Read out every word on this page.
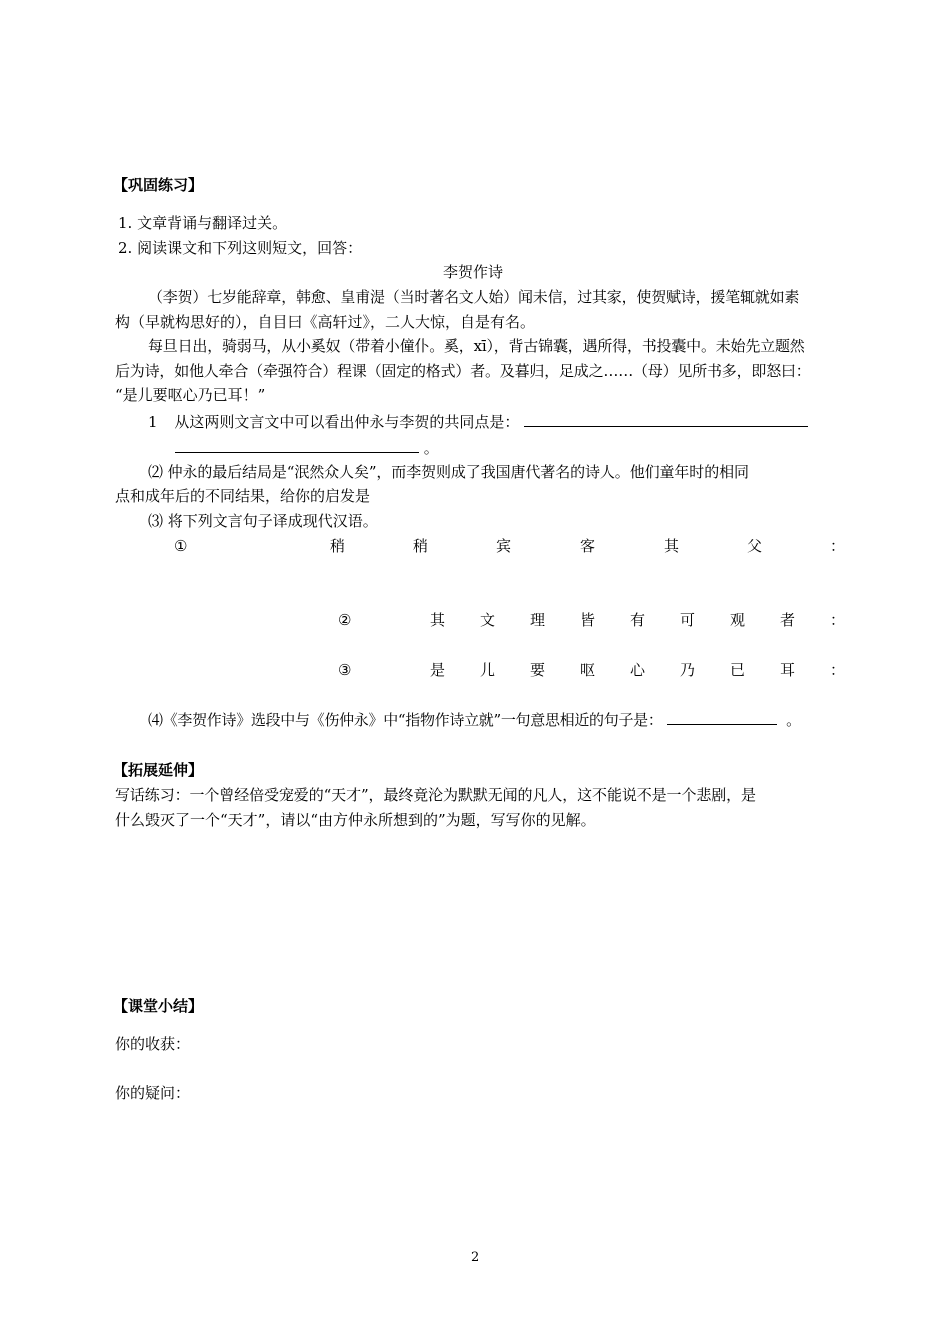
【巩固练习】
1. 文章背诵与翻译过关。
2. 阅读课文和下列这则短文，回答：
李贺作诗
（李贺）七岁能辞章，韩愈、皇甫湜（当时著名文人始）闻未信，过其家，使贺赋诗，援笔辄就如素
构（早就构思好的），自目曰《高轩过》，二人大惊，自是有名。
每旦日出，骑弱马，从小奚奴（带着小僮仆。奚，xī），背古锦囊，遇所得，书投囊中。未始先立题然
后为诗，如他人牵合（牵强符合）程课（固定的格式）者。及暮归，足成之……（母）见所书多，即怒曰：
“是儿要呕心乃已耳！”
1 从这两则文言文中可以看出仲永与李贺的共同点是：
。
⑵ 仲永的最后结局是“泯然众人矣”，而李贺则成了我国唐代著名的诗人。他们童年时的相同
点和成年后的不同结果，给你的启发是
⑶ 将下列文言句子译成现代汉语。
①	稍	稍	宾	客	其	父	：
②	其 文 理 皆 有 可 观 者 ：
③	是 儿 要 呕 心 乃 已 耳 ：
⑷《李贺作诗》选段中与《伤仲永》中“指物作诗立就”一句意思相近的句子是：	。
【拓展延伸】
写话练习：一个曾经倍受宠爱的“天才”，最终竟沦为默默无闻的凡人，这不能说不是一个悲剧，是
什么毁灭了一个“天才”，请以“由方仲永所想到的”为题，写写你的见解。
【课堂小结】
你的收获：
你的疑问：
2
